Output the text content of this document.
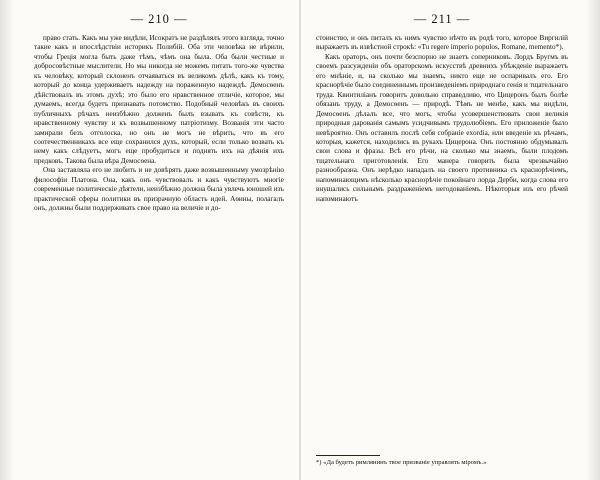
— 210 —

право стать. Какъ мы уже видѣли, Исократъ не раздѣлялъ этого взгляда, точно такие какъ и впослѣдствіи историкъ Полибій. Оба эти человѣка не вѣрили, чтобы Греція могла быть даже тѣмъ, чѣмъ она была. Оба были честные и добросовѣстные мыслители. Но мы никогда не можемъ питать того-же чувства къ человѣку, который склоненъ отчаяваться въ великомъ дѣлѣ, какъ къ тому, который до конца удерживаетъ надежду на пораженную надеждѣ. Демосѳенъ дѣйствовалъ въ этомъ духѣ; это было его нравственное отличіе, которое, мы думаемъ, всегда будетъ признавать потомство. Подобный человѣкъ въ своихъ публичныхъ рѣчахъ неизбѣжно долженъ былъ взывать къ совѣсти, къ нравственному чувству и къ возвышенному патріотизму. Возванія эти часто замирали безъ отголоска, но онъ не могъ не вѣрить, что въ его соотечественникахъ все еще сохранился духъ, который, если только возвать къ нему какъ слѣдуетъ, могъ еще пробудиться и поднять ихъ на дѣянія ихъ предковъ. Такова была вѣра Демосѳена.

Она заставляла его не любить и не довѣрять даже возвышенныму умозрѣнію философіи Платона. Она, какъ онъ чувствовалъ и какъ чувствуютъ многіе современные политическіе дѣятели, неизбѣжно должна была увлечь юношей изъ практической сферы политики въ призрачную область идей. Аѳины, полагалъ онъ, должны были поддерживать свое право на величіе и до-

— 211 —

стоинство, и онъ питалъ къ нимъ чувство нѣчто въ родѣ того, которое Виргилій выражаетъ въ извѣстной строкѣ: «Tu regere imperio populos, Romane, memento*).

Какъ ораторъ, онъ почти безспорно не знаетъ соперниковъ. Лордъ Бругмъ въ своемъ разсужденіи объ ораторскомъ искусствѣ древнихъ убѣжденіе выражаетъ его мнѣніе, и, на сколько мы знаемъ, никто еще не оспаривалъ его. Его краснорѣчіе было соединеннымъ произведеніемъ природнаго генія и тщательнаго труда. Квинтиліанъ говоритъ довольно справедливо, что Цицеронъ былъ болѣе обязанъ труду, а Демосѳенъ — природѣ. Тѣмъ не менѣе, какъ мы видѣли, Демосѳенъ дѣлалъ все, что могъ, чтобы усовершенствовать свои великія природныя дарованія самымъ усидчивымъ трудолюбіемъ. Его приложеніе было невѣроятно. Онъ оставилъ послѣ себя собраніе exordia, или введеніе къ рѣчамъ, которыя, кажется, находились въ рукахъ Цицерона. Онъ постоянно обдумывалъ свои слова и фразы. Всѣ его рѣчи, на сколько мы знаемъ, были плодомъ тщательнаго приготовленія. Его манера говорить была чрезвычайно разнообразна. Онъ нерѣдко нападалъ на своего противника съ краснорѣчіемъ, напоминающимъ нѣсколько краснорѣчіе покойнаго лорда Дерби, когда слова его внушались сильнымъ раздраженіемъ негодованіемъ. Нѣкоторыя изъ его рѣчей напоминаютъ

*) «Да будетъ римлянинъ твое призваніе управлять міромъ.»
